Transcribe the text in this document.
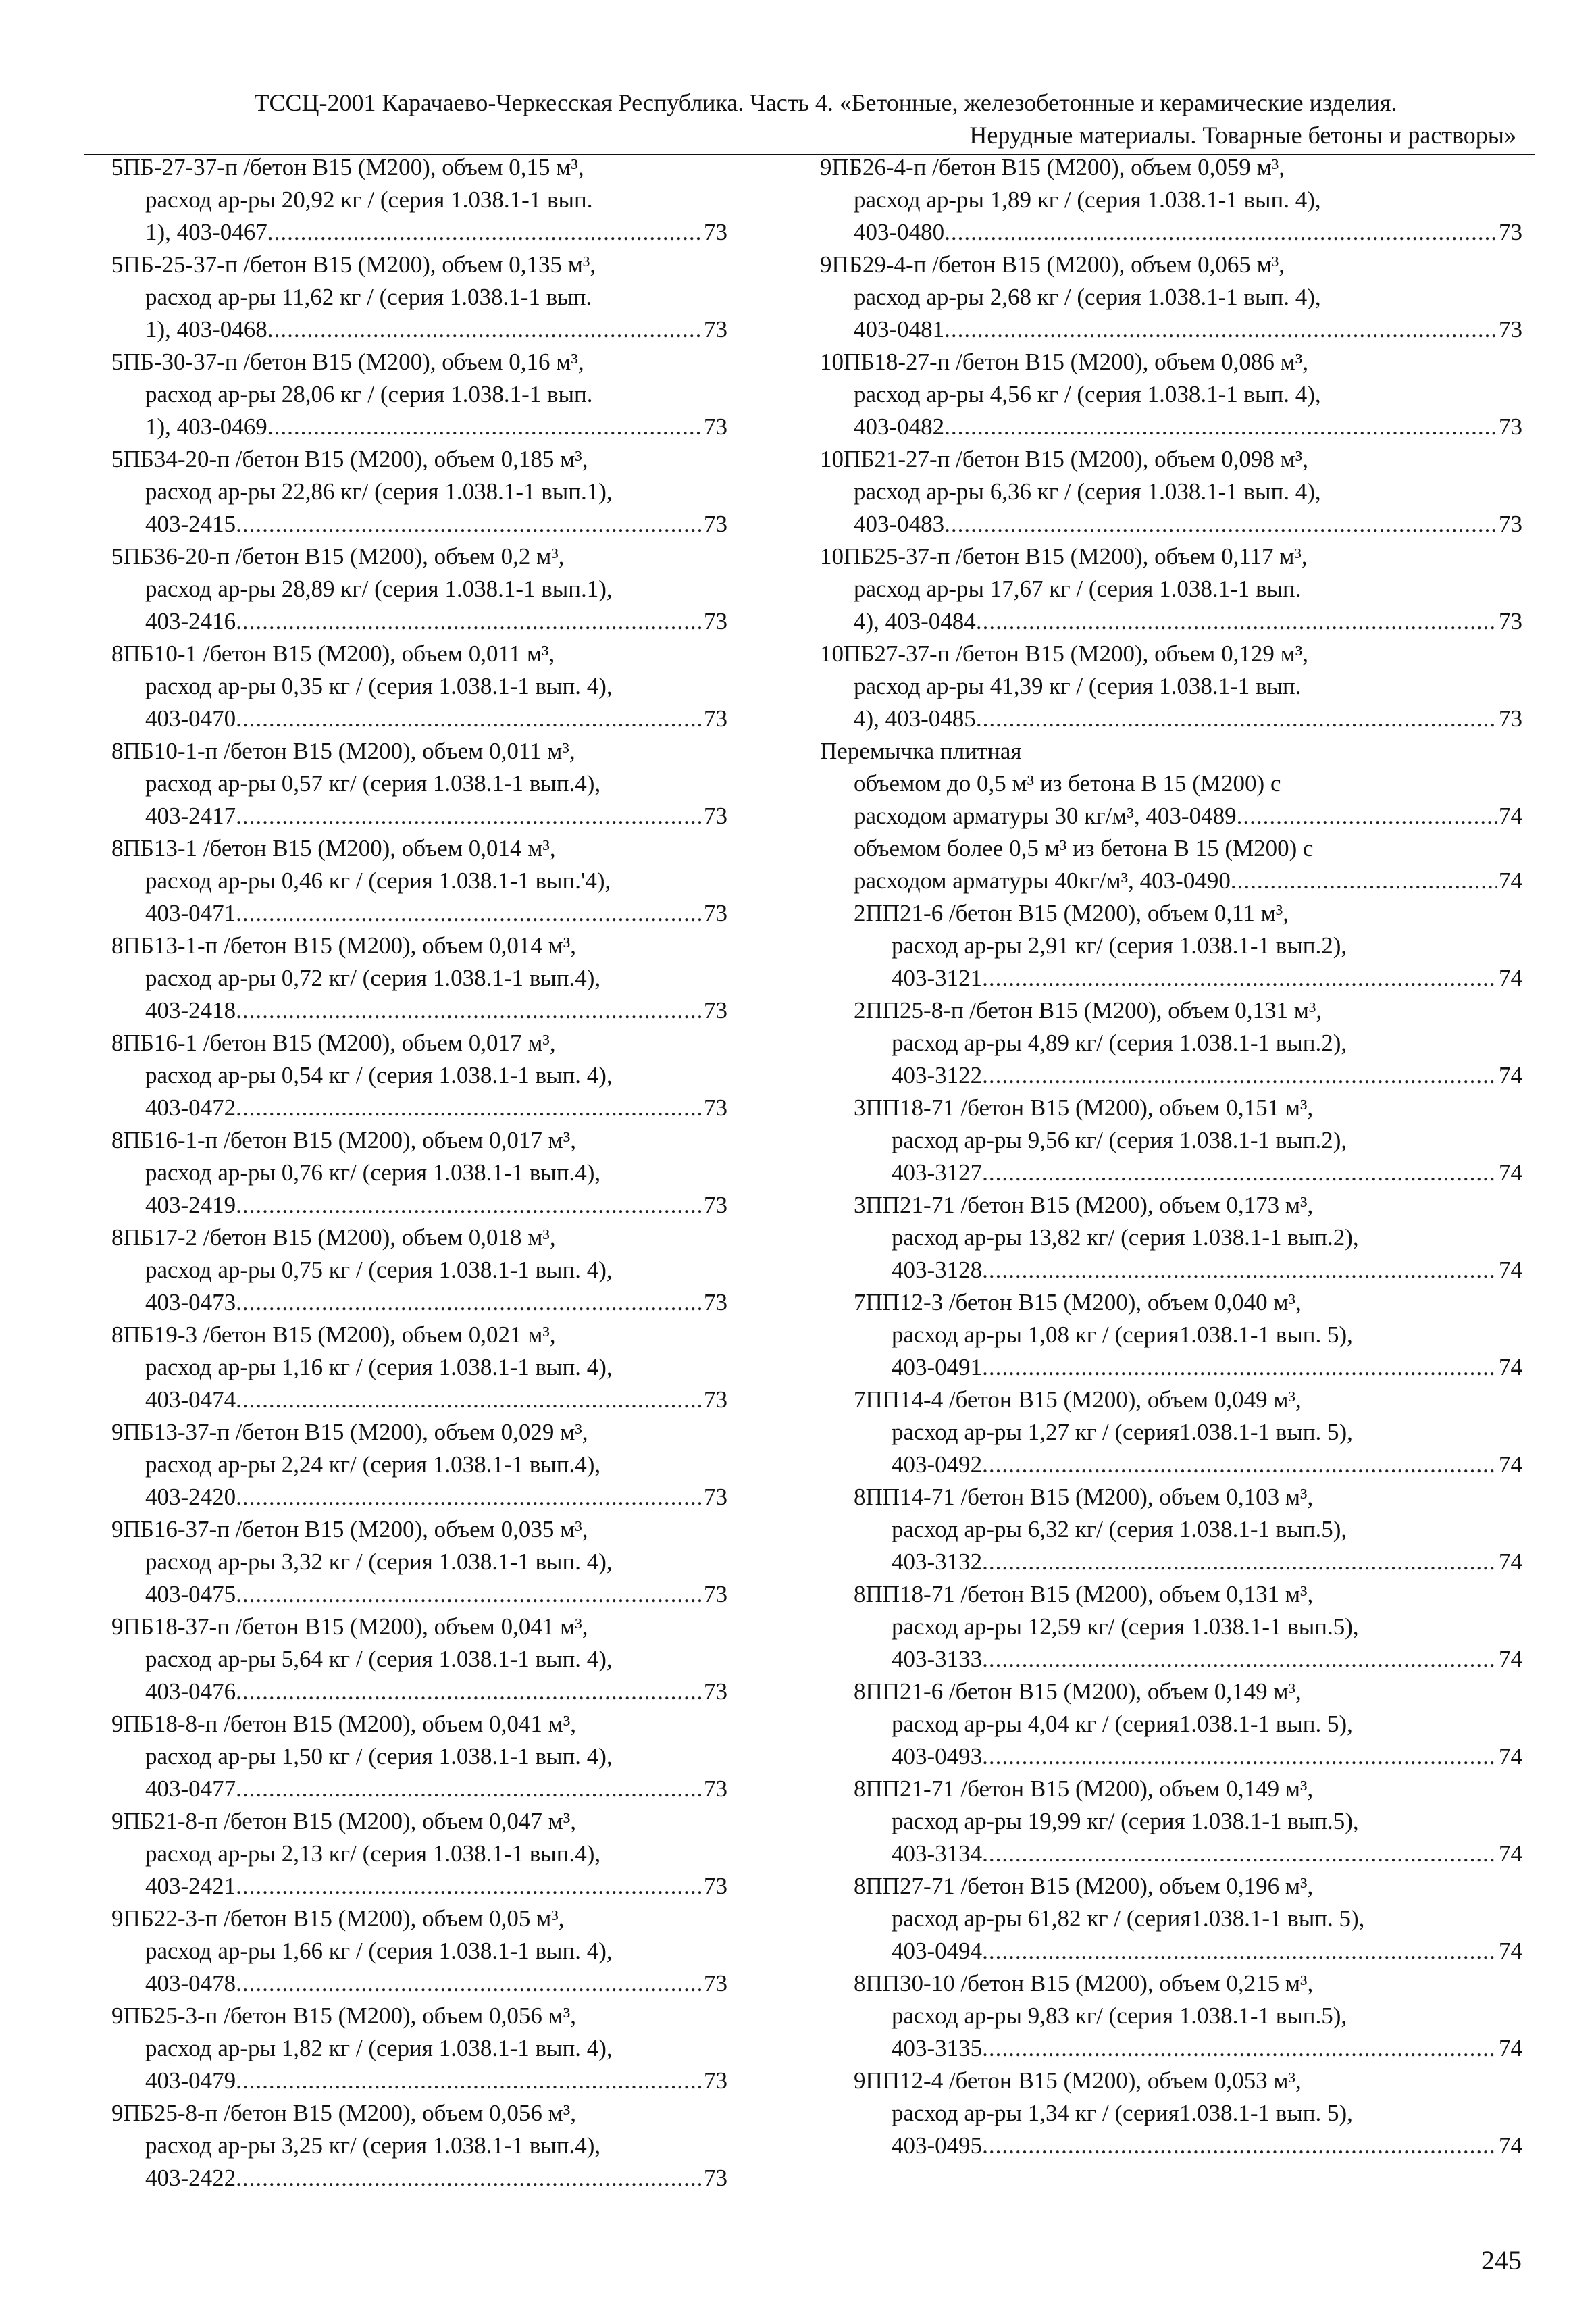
ТССЦ-2001 Карачаево-Черкесская Республика. Часть 4. «Бетонные, железобетонные и керамические изделия.
Нерудные материалы. Товарные бетоны и растворы»
5ПБ-27-37-п /бетон В15 (М200), объем 0,15 м³,
расход ар-ры 20,92 кг / (серия 1.038.1-1 вып.
1), 403-0467 .....	73
5ПБ-25-37-п /бетон В15 (М200), объем 0,135 м³,
расход ар-ры 11,62 кг / (серия 1.038.1-1 вып.
1), 403-0468 .....	73
5ПБ-30-37-п /бетон В15 (М200), объем 0,16 м³,
расход ар-ры 28,06 кг / (серия 1.038.1-1 вып.
1), 403-0469 .....	73
5ПБ34-20-п /бетон В15 (М200), объем 0,185 м³,
расход ар-ры 22,86 кг/ (серия 1.038.1-1 вып.1),
403-2415 .....	73
5ПБ36-20-п /бетон В15 (М200), объем 0,2 м³,
расход ар-ры 28,89 кг/ (серия 1.038.1-1 вып.1),
403-2416 .....	73
8ПБ10-1 /бетон В15 (М200), объем 0,011 м³,
расход ар-ры 0,35 кг / (серия 1.038.1-1 вып. 4),
403-0470 .....	73
8ПБ10-1-п /бетон В15 (М200), объем 0,011 м³,
расход ар-ры 0,57 кг/ (серия 1.038.1-1 вып.4),
403-2417 .....	73
8ПБ13-1 /бетон В15 (М200), объем 0,014 м³,
расход ар-ры 0,46 кг / (серия 1.038.1-1 вып.'4),
403-0471 .....	73
8ПБ13-1-п /бетон В15 (М200), объем 0,014 м³,
расход ар-ры 0,72 кг/ (серия 1.038.1-1 вып.4),
403-2418 .....	73
8ПБ16-1 /бетон В15 (М200), объем 0,017 м³,
расход ар-ры 0,54 кг / (серия 1.038.1-1 вып. 4),
403-0472 .....	73
8ПБ16-1-п /бетон В15 (М200), объем 0,017 м³,
расход ар-ры 0,76 кг/ (серия 1.038.1-1 вып.4),
403-2419 .....	73
8ПБ17-2 /бетон В15 (М200), объем 0,018 м³,
расход ар-ры 0,75 кг / (серия 1.038.1-1 вып. 4),
403-0473 .....	73
8ПБ19-3 /бетон В15 (М200), объем 0,021 м³,
расход ар-ры 1,16 кг / (серия 1.038.1-1 вып. 4),
403-0474 .....	73
9ПБ13-37-п /бетон В15 (М200), объем 0,029 м³,
расход ар-ры 2,24 кг/ (серия 1.038.1-1 вып.4),
403-2420 .....	73
9ПБ16-37-п /бетон В15 (М200), объем 0,035 м³,
расход ар-ры 3,32 кг / (серия 1.038.1-1 вып. 4),
403-0475 .....	73
9ПБ18-37-п /бетон В15 (М200), объем 0,041 м³,
расход ар-ры 5,64 кг / (серия 1.038.1-1 вып. 4),
403-0476 .....	73
9ПБ18-8-п /бетон В15 (М200), объем 0,041 м³,
расход ар-ры 1,50 кг / (серия 1.038.1-1 вып. 4),
403-0477 .....	73
9ПБ21-8-п /бетон В15 (М200), объем 0,047 м³,
расход ар-ры 2,13 кг/ (серия 1.038.1-1 вып.4),
403-2421 .....	73
9ПБ22-3-п /бетон В15 (М200), объем 0,05 м³,
расход ар-ры 1,66 кг / (серия 1.038.1-1 вып. 4),
403-0478 .....	73
9ПБ25-3-п /бетон В15 (М200), объем 0,056 м³,
расход ар-ры 1,82 кг / (серия 1.038.1-1 вып. 4),
403-0479 .....	73
9ПБ25-8-п /бетон В15 (М200), объем 0,056 м³,
расход ар-ры 3,25 кг/ (серия 1.038.1-1 вып.4),
403-2422 .....	73
9ПБ26-4-п /бетон В15 (М200), объем 0,059 м³,
расход ар-ры 1,89 кг / (серия 1.038.1-1 вып. 4),
403-0480 .....	73
9ПБ29-4-п /бетон В15 (М200), объем 0,065 м³,
расход ар-ры 2,68 кг / (серия 1.038.1-1 вып. 4),
403-0481 .....	73
10ПБ18-27-п /бетон В15 (М200), объем 0,086 м³,
расход ар-ры 4,56 кг / (серия 1.038.1-1 вып. 4),
403-0482 .....	73
10ПБ21-27-п /бетон В15 (М200), объем 0,098 м³,
расход ар-ры 6,36 кг / (серия 1.038.1-1 вып. 4),
403-0483 .....	73
10ПБ25-37-п /бетон В15 (М200), объем 0,117 м³,
расход ар-ры 17,67 кг / (серия 1.038.1-1 вып.
4), 403-0484 .....	73
10ПБ27-37-п /бетон В15 (М200), объем 0,129 м³,
расход ар-ры 41,39 кг / (серия 1.038.1-1 вып.
4), 403-0485 .....	73
Перемычка плитная
объемом до 0,5 м³ из бетона В 15 (М200) с
расходом арматуры 30 кг/м³, 403-0489 .....	74
объемом более 0,5 м³ из бетона В 15 (М200) с
расходом арматуры 40кг/м³, 403-0490 .....	74
2ПП21-6 /бетон В15 (М200), объем 0,11 м³,
расход ар-ры 2,91 кг/ (серия 1.038.1-1 вып.2),
403-3121 .....	74
2ПП25-8-п /бетон В15 (М200), объем 0,131 м³,
расход ар-ры 4,89 кг/ (серия 1.038.1-1 вып.2),
403-3122 .....	74
3ПП18-71 /бетон В15 (М200), объем 0,151 м³,
расход ар-ры 9,56 кг/ (серия 1.038.1-1 вып.2),
403-3127 .....	74
3ПП21-71 /бетон В15 (М200), объем 0,173 м³,
расход ар-ры 13,82 кг/ (серия 1.038.1-1 вып.2),
403-3128 .....	74
7ПП12-3 /бетон В15 (М200), объем 0,040 м³,
расход ар-ры 1,08 кг / (серия1.038.1-1 вып. 5),
403-0491 .....	74
7ПП14-4 /бетон В15 (М200), объем 0,049 м³,
расход ар-ры 1,27 кг / (серия1.038.1-1 вып. 5),
403-0492 .....	74
8ПП14-71 /бетон В15 (М200), объем 0,103 м³,
расход ар-ры 6,32 кг/ (серия 1.038.1-1 вып.5),
403-3132 .....	74
8ПП18-71 /бетон В15 (М200), объем 0,131 м³,
расход ар-ры 12,59 кг/ (серия 1.038.1-1 вып.5),
403-3133 .....	74
8ПП21-6 /бетон В15 (М200), объем 0,149 м³,
расход ар-ры 4,04 кг / (серия1.038.1-1 вып. 5),
403-0493 .....	74
8ПП21-71 /бетон В15 (М200), объем 0,149 м³,
расход ар-ры 19,99 кг/ (серия 1.038.1-1 вып.5),
403-3134 .....	74
8ПП27-71 /бетон В15 (М200), объем 0,196 м³,
расход ар-ры 61,82 кг / (серия1.038.1-1 вып. 5),
403-0494 .....	74
8ПП30-10 /бетон В15 (М200), объем 0,215 м³,
расход ар-ры 9,83 кг/ (серия 1.038.1-1 вып.5),
403-3135 .....	74
9ПП12-4 /бетон В15 (М200), объем 0,053 м³,
расход ар-ры 1,34 кг / (серия1.038.1-1 вып. 5),
403-0495 .....	74
245
